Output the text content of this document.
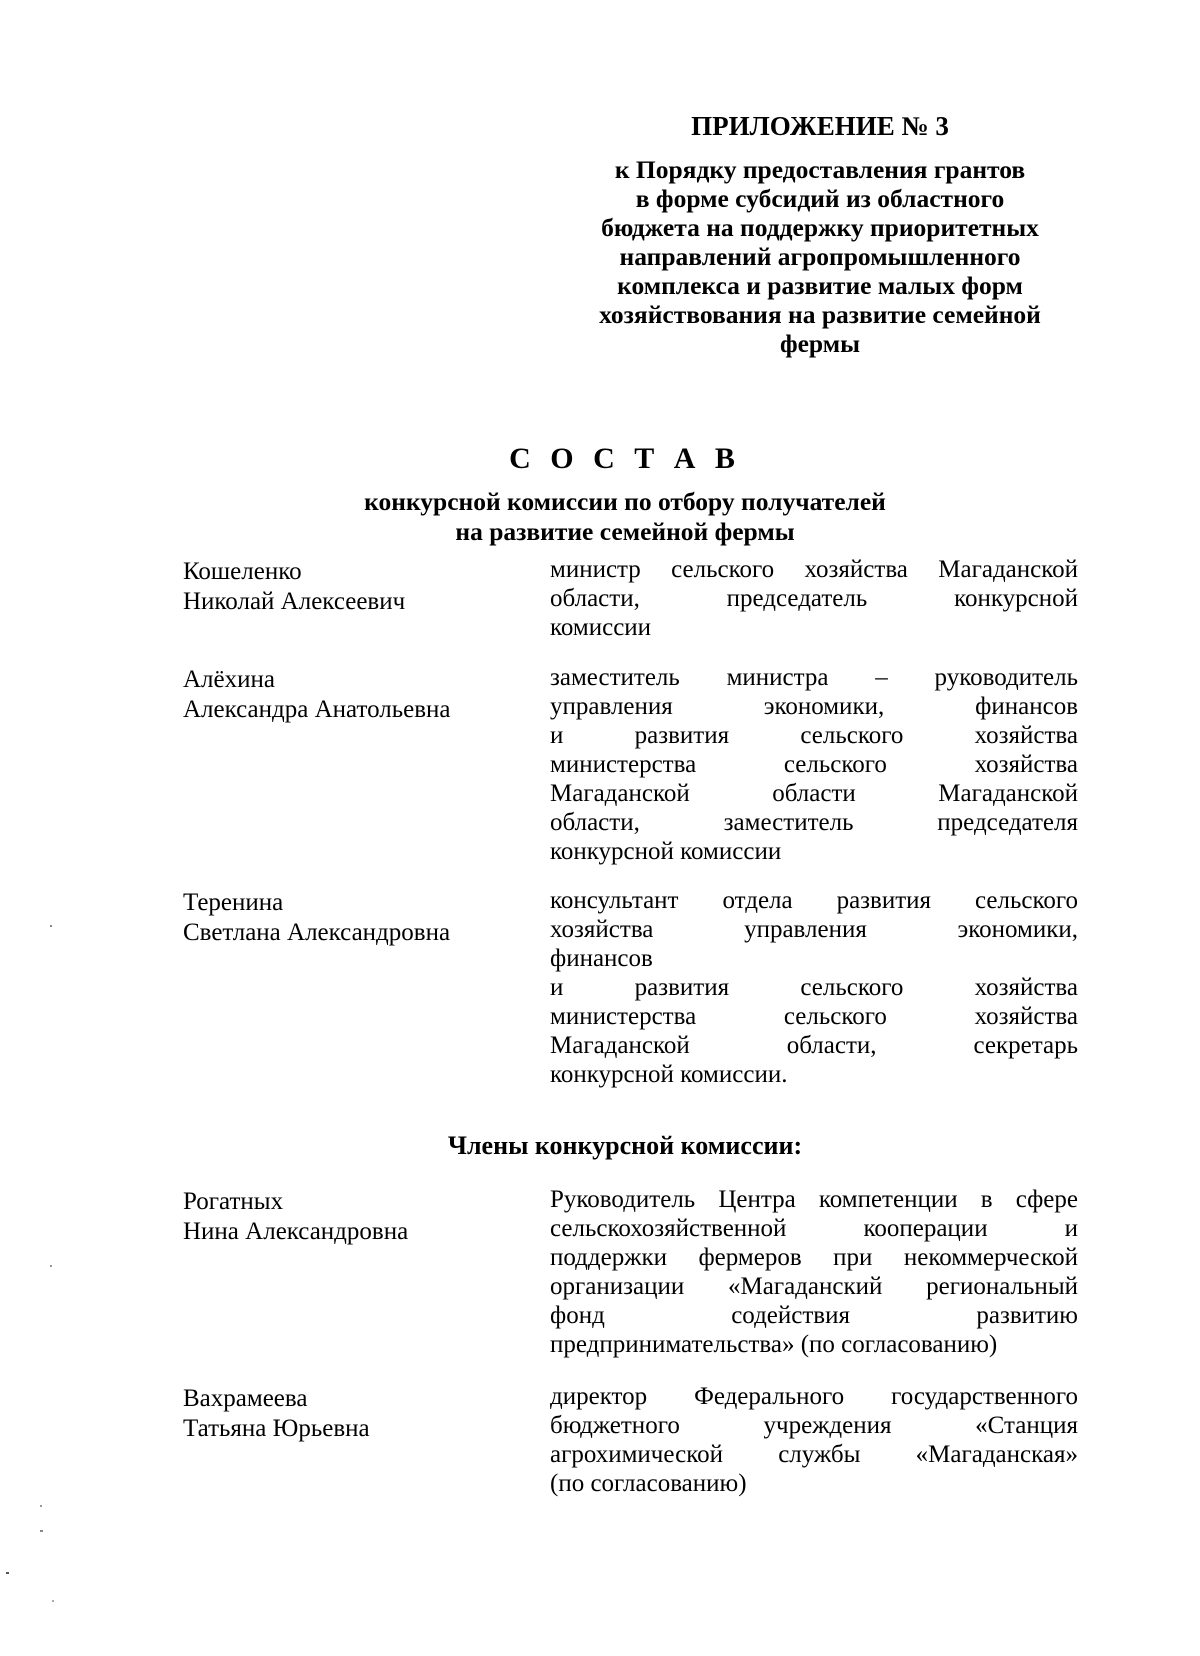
ПРИЛОЖЕНИЕ № 3
к Порядку предоставления грантов
в форме субсидий из областного
бюджета на поддержку приоритетных
направлений агропромышленного
комплекса и развитие малых форм
хозяйствования на развитие семейной
фермы
С О С Т А В
конкурсной комиссии по отбору получателей
на развитие семейной фермы
Кошеленко
Николай Алексеевич
министр сельского хозяйства Магаданской
области, председатель конкурсной
комиссии
Алёхина
Александра Анатольевна
заместитель министра – руководитель
управления экономики, финансов
и развития сельского хозяйства
министерства сельского хозяйства
Магаданской области Магаданской
области, заместитель председателя
конкурсной комиссии
Теренина
Светлана Александровна
консультант отдела развития сельского
хозяйства управления экономики,
финансов
и развития сельского хозяйства
министерства сельского хозяйства
Магаданской области, секретарь
конкурсной комиссии.
Члены конкурсной комиссии:
Рогатных
Нина Александровна
Руководитель Центра компетенции в сфере
сельскохозяйственной кооперации и
поддержки фермеров при некоммерческой
организации «Магаданский региональный
фонд содействия развитию
предпринимательства» (по согласованию)
Вахрамеева
Татьяна Юрьевна
директор Федерального государственного
бюджетного учреждения «Станция
агрохимической службы «Магаданская»
(по согласованию)
